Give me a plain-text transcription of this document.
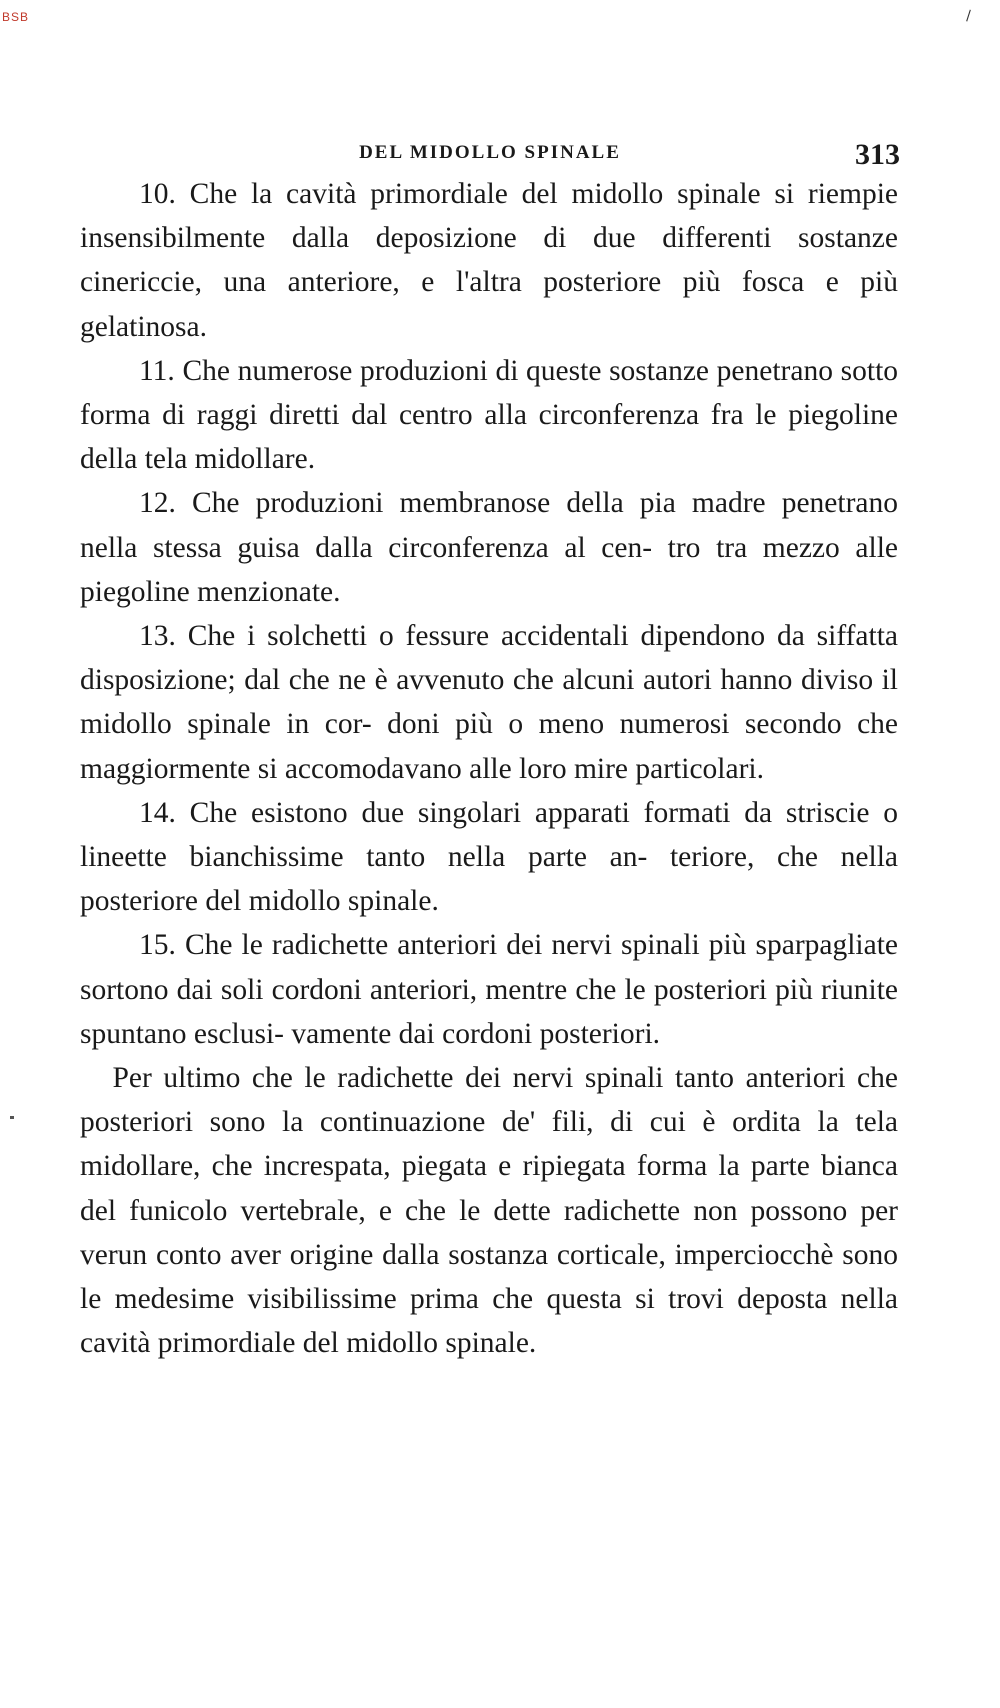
BSB	∖
DEL MIDOLLO SPINALE	313

10. Che la cavità primordiale del midollo spinale si riempie insensibilmente dalla deposizione di due differenti sostanze cinericcie, una anteriore, e l'altra posteriore più fosca e più gelatinosa.

11. Che numerose produzioni di queste sostanze penetrano sotto forma di raggi diretti dal centro alla circonferenza fra le piegoline della tela midollare.

12. Che produzioni membranose della pia madre penetrano nella stessa guisa dalla circonferenza al cen- tro tra mezzo alle piegoline menzionate.

13. Che i solchetti o fessure accidentali dipendono da siffatta disposizione; dal che ne è avvenuto che alcuni autori hanno diviso il midollo spinale in cor- doni più o meno numerosi secondo che maggiormente si accomodavano alle loro mire particolari.

14. Che esistono due singolari apparati formati da striscie o lineette bianchissime tanto nella parte an- teriore, che nella posteriore del midollo spinale.

15. Che le radichette anteriori dei nervi spinali più sparpagliate sortono dai soli cordoni anteriori, mentre che le posteriori più riunite spuntano esclusi- vamente dai cordoni posteriori.

Per ultimo che le radichette dei nervi spinali tanto anteriori che posteriori sono la continuazione de' fili, di cui è ordita la tela midollare, che increspata, piegata e ripiegata forma la parte bianca del funicolo vertebrale, e che le dette radichette non possono per verun conto aver origine dalla sostanza corticale, imperciocchè sono le medesime visibilissime prima che questa si trovi deposta nella cavità primordiale del midollo spinale.
